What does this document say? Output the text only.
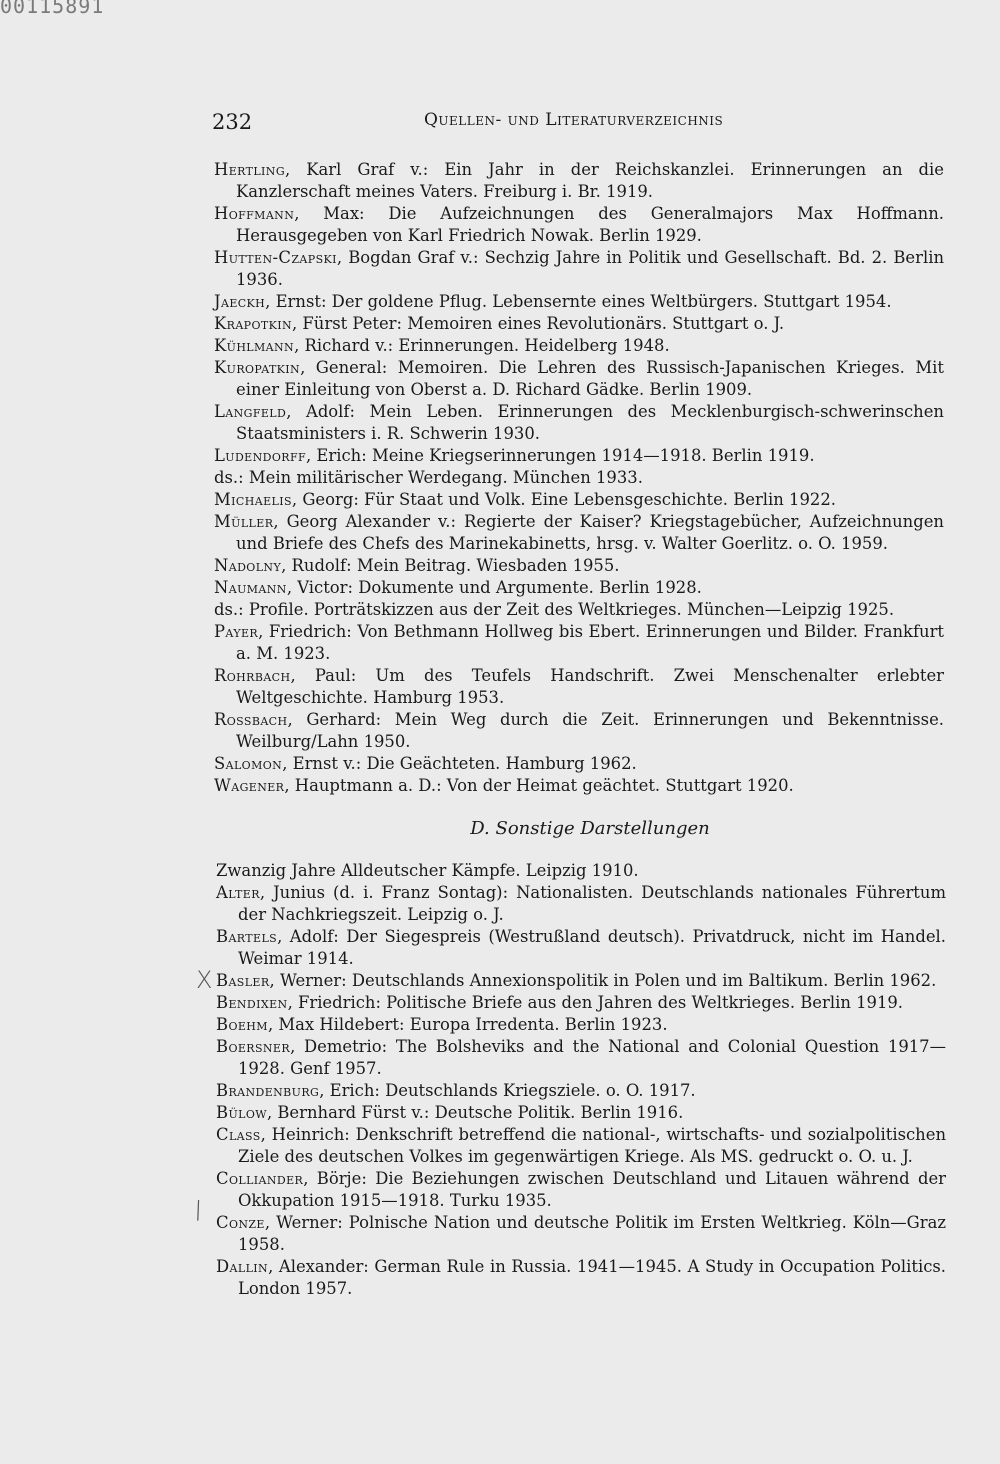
00115891
232	Quellen- und Literaturverzeichnis

Hertling, Karl Graf v.: Ein Jahr in der Reichskanzlei. Erinnerungen an die Kanzlerschaft meines Vaters. Freiburg i. Br. 1919.

Hoffmann, Max: Die Aufzeichnungen des Generalmajors Max Hoffmann. Herausgegeben von Karl Friedrich Nowak. Berlin 1929.

Hutten-Czapski, Bogdan Graf v.: Sechzig Jahre in Politik und Gesellschaft. Bd. 2. Berlin 1936.

Jaeckh, Ernst: Der goldene Pflug. Lebensernte eines Weltbürgers. Stuttgart 1954.

Krapotkin, Fürst Peter: Memoiren eines Revolutionärs. Stuttgart o. J.

Kühlmann, Richard v.: Erinnerungen. Heidelberg 1948.

Kuropatkin, General: Memoiren. Die Lehren des Russisch-Japanischen Krieges. Mit einer Einleitung von Oberst a. D. Richard Gädke. Berlin 1909.

Langfeld, Adolf: Mein Leben. Erinnerungen des Mecklenburgisch-schwerinschen Staatsministers i. R. Schwerin 1930.

Ludendorff, Erich: Meine Kriegserinnerungen 1914—1918. Berlin 1919.

ds.: Mein militärischer Werdegang. München 1933.

Michaelis, Georg: Für Staat und Volk. Eine Lebensgeschichte. Berlin 1922.

Müller, Georg Alexander v.: Regierte der Kaiser? Kriegstagebücher, Aufzeichnungen und Briefe des Chefs des Marinekabinetts, hrsg. v. Walter Goerlitz. o. O. 1959.

Nadolny, Rudolf: Mein Beitrag. Wiesbaden 1955.

Naumann, Victor: Dokumente und Argumente. Berlin 1928.

ds.: Profile. Porträtskizzen aus der Zeit des Weltkrieges. München—Leipzig 1925.

Payer, Friedrich: Von Bethmann Hollweg bis Ebert. Erinnerungen und Bilder. Frankfurt a. M. 1923.

Rohrbach, Paul: Um des Teufels Handschrift. Zwei Menschenalter erlebter Weltgeschichte. Hamburg 1953.

Rossbach, Gerhard: Mein Weg durch die Zeit. Erinnerungen und Bekenntnisse. Weilburg/Lahn 1950.

Salomon, Ernst v.: Die Geächteten. Hamburg 1962.

Wagener, Hauptmann a. D.: Von der Heimat geächtet. Stuttgart 1920.

D. Sonstige Darstellungen

Zwanzig Jahre Alldeutscher Kämpfe. Leipzig 1910.

Alter, Junius (d. i. Franz Sontag): Nationalisten. Deutschlands nationales Führertum der Nachkriegszeit. Leipzig o. J.

Bartels, Adolf: Der Siegespreis (Westrußland deutsch). Privatdruck, nicht im Handel. Weimar 1914.

Basler, Werner: Deutschlands Annexionspolitik in Polen und im Baltikum. Berlin 1962.

Bendixen, Friedrich: Politische Briefe aus den Jahren des Weltkrieges. Berlin 1919.

Boehm, Max Hildebert: Europa Irredenta. Berlin 1923.

Boersner, Demetrio: The Bolsheviks and the National and Colonial Question 1917—1928. Genf 1957.

Brandenburg, Erich: Deutschlands Kriegsziele. o. O. 1917.

Bülow, Bernhard Fürst v.: Deutsche Politik. Berlin 1916.

Class, Heinrich: Denkschrift betreffend die national-, wirtschafts- und sozialpolitischen Ziele des deutschen Volkes im gegenwärtigen Kriege. Als MS. gedruckt o. O. u. J.

Colliander, Börje: Die Beziehungen zwischen Deutschland und Litauen während der Okkupation 1915—1918. Turku 1935.

Conze, Werner: Polnische Nation und deutsche Politik im Ersten Weltkrieg. Köln—Graz 1958.

Dallin, Alexander: German Rule in Russia. 1941—1945. A Study in Occupation Politics. London 1957.

X
/
